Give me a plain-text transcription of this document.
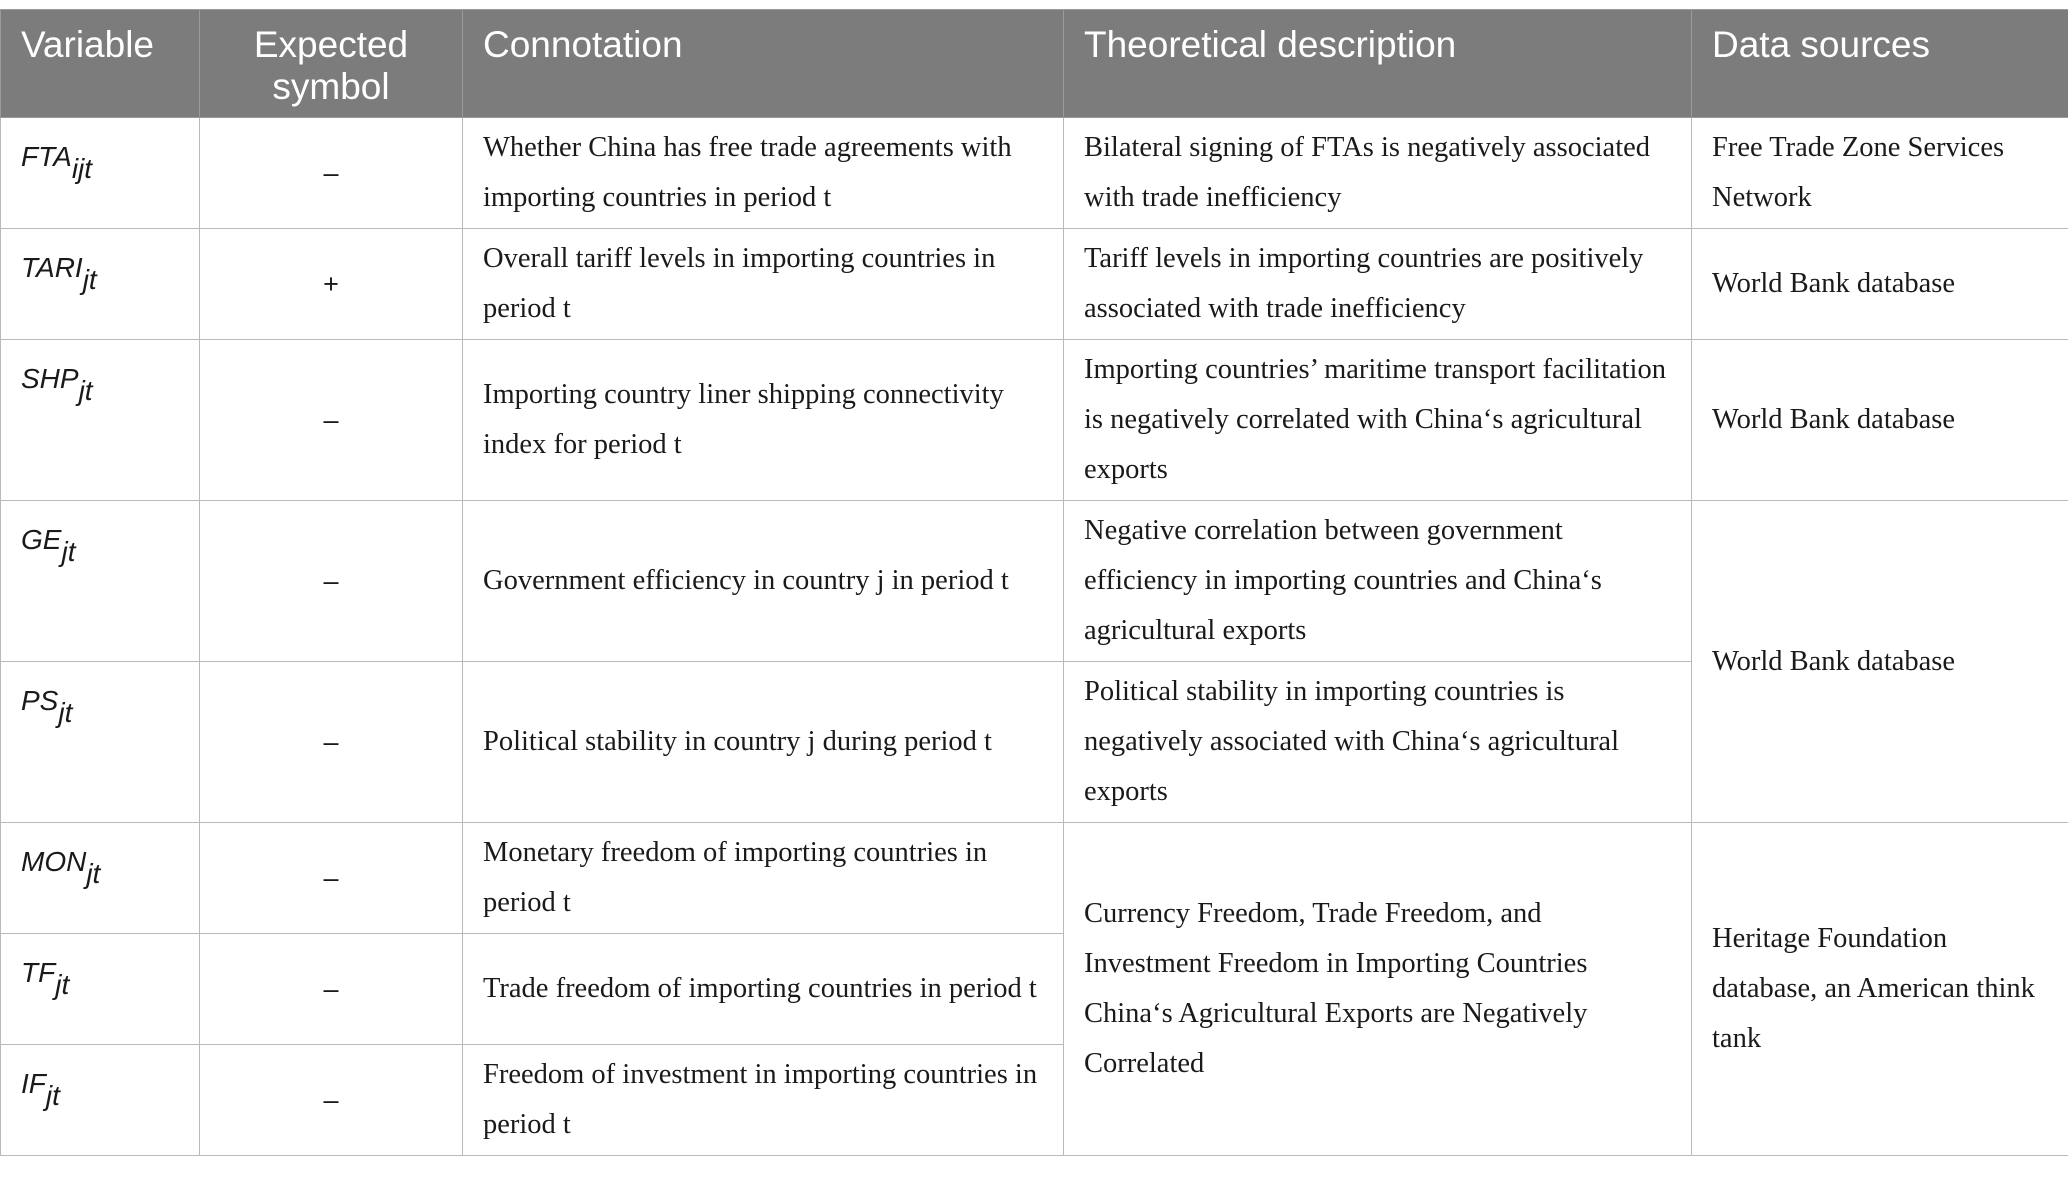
Variable	Expected symbol	Connotation	Theoretical description	Data sources
$FTA_{ijt}$	–	Whether China has free trade agreements with importing countries in period t	Bilateral signing of FTAs is negatively associated with trade inefficiency	Free Trade Zone Services Network
$TARI_{jt}$	+	Overall tariff levels in importing countries in period t	Tariff levels in importing countries are positively associated with trade inefficiency	World Bank database
$SHP_{jt}$	–	Importing country liner shipping connectivity index for period t	Importing countries’ maritime transport facilitation is negatively correlated with China‘s agricultural exports	World Bank database
$GE_{jt}$	–	Government efficiency in country j in period t	Negative correlation between government efficiency in importing countries and China‘s agricultural exports	World Bank database
$PS_{jt}$	–	Political stability in country j during period t	Political stability in importing countries is negatively associated with China‘s agricultural exports	
$MON_{jt}$	–	Monetary freedom of importing countries in period t	Currency Freedom, Trade Freedom, and Investment Freedom in Importing Countries China‘s Agricultural Exports are Negatively Correlated	Heritage Foundation database, an American think tank
$TF_{jt}$	–	Trade freedom of importing countries in period t		
$IF_{jt}$	–	Freedom of investment in importing countries in period t		
